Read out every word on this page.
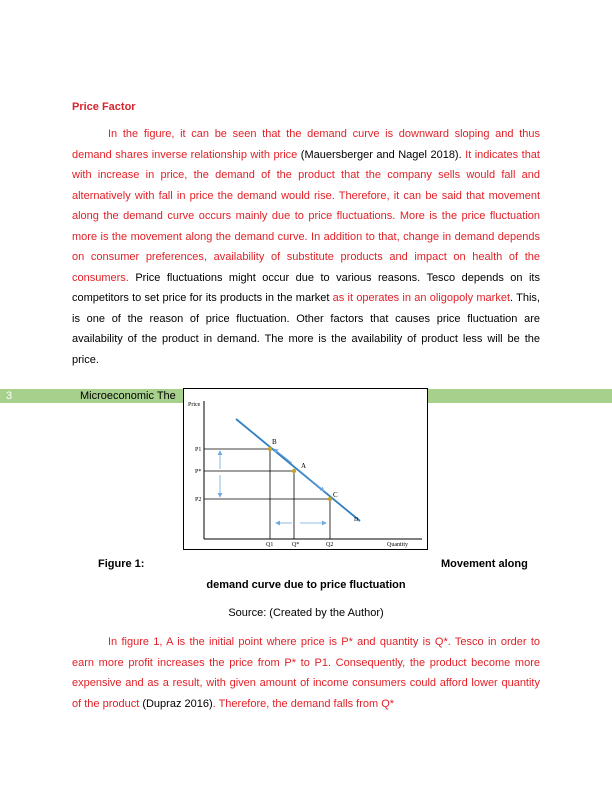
Price Factor
In the figure, it can be seen that the demand curve is downward sloping and thus demand shares inverse relationship with price (Mauersberger and Nagel 2018). It indicates that with increase in price, the demand of the product that the company sells would fall and alternatively with fall in price the demand would rise. Therefore, it can be said that movement along the demand curve occurs mainly due to price fluctuations. More is the price fluctuation more is the movement along the demand curve. In addition to that, change in demand depends on consumer preferences, availability of substitute products and impact on health of the consumers. Price fluctuations might occur due to various reasons. Tesco depends on its competitors to set price for its products in the market as it operates in an oligopoly market. This, is one of the reason of price fluctuation. Other factors that causes price fluctuation are availability of the product in demand. The more is the availability of product less will be the price.
3	Microeconomic The
Price
Quantity
B
A
C
D
P1
P*
P2
Q1	Q*	Q2
Figure 1:	Movement along
demand curve due to price fluctuation
Source: (Created by the Author)
In figure 1, A is the initial point where price is P* and quantity is Q*. Tesco in order to earn more profit increases the price from P* to P1. Consequently, the product become more expensive and as a result, with given amount of income consumers could afford lower quantity of the product (Dupraz 2016). Therefore, the demand falls from Q*
